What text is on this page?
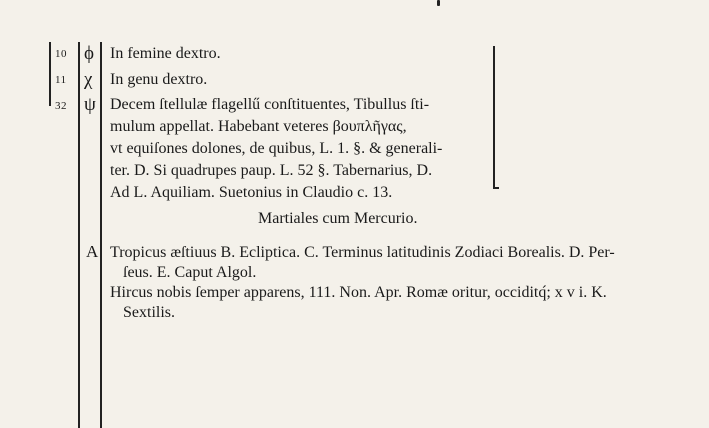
10 ϕ In femine dextro.
11 χ In genu dextro.
32 ψ Decem ſtellulæ flagellű conſtituentes, Tibullus ſti-
mulum appellat. Habebant veteres βουπλῆγας,
vt equiſones dolones, de quibus, L. 1. §. & generali-
ter. D. Si quadrupes paup. L. 52 §. Tabernarius, D.
Ad L. Aquiliam. Suetonius in Claudio c. 13.
Martiales cum Mercurio.
A Tropicus æſtiuus B. Ecliptica. C. Terminus latitudinis Zodiaci Borealis. D. Per-
ſeus. E. Caput Algol.
Hircus nobis ſemper apparens, 111. Non. Apr. Romæ oritur, occiditq́; x v i. K.
Sextilis.
